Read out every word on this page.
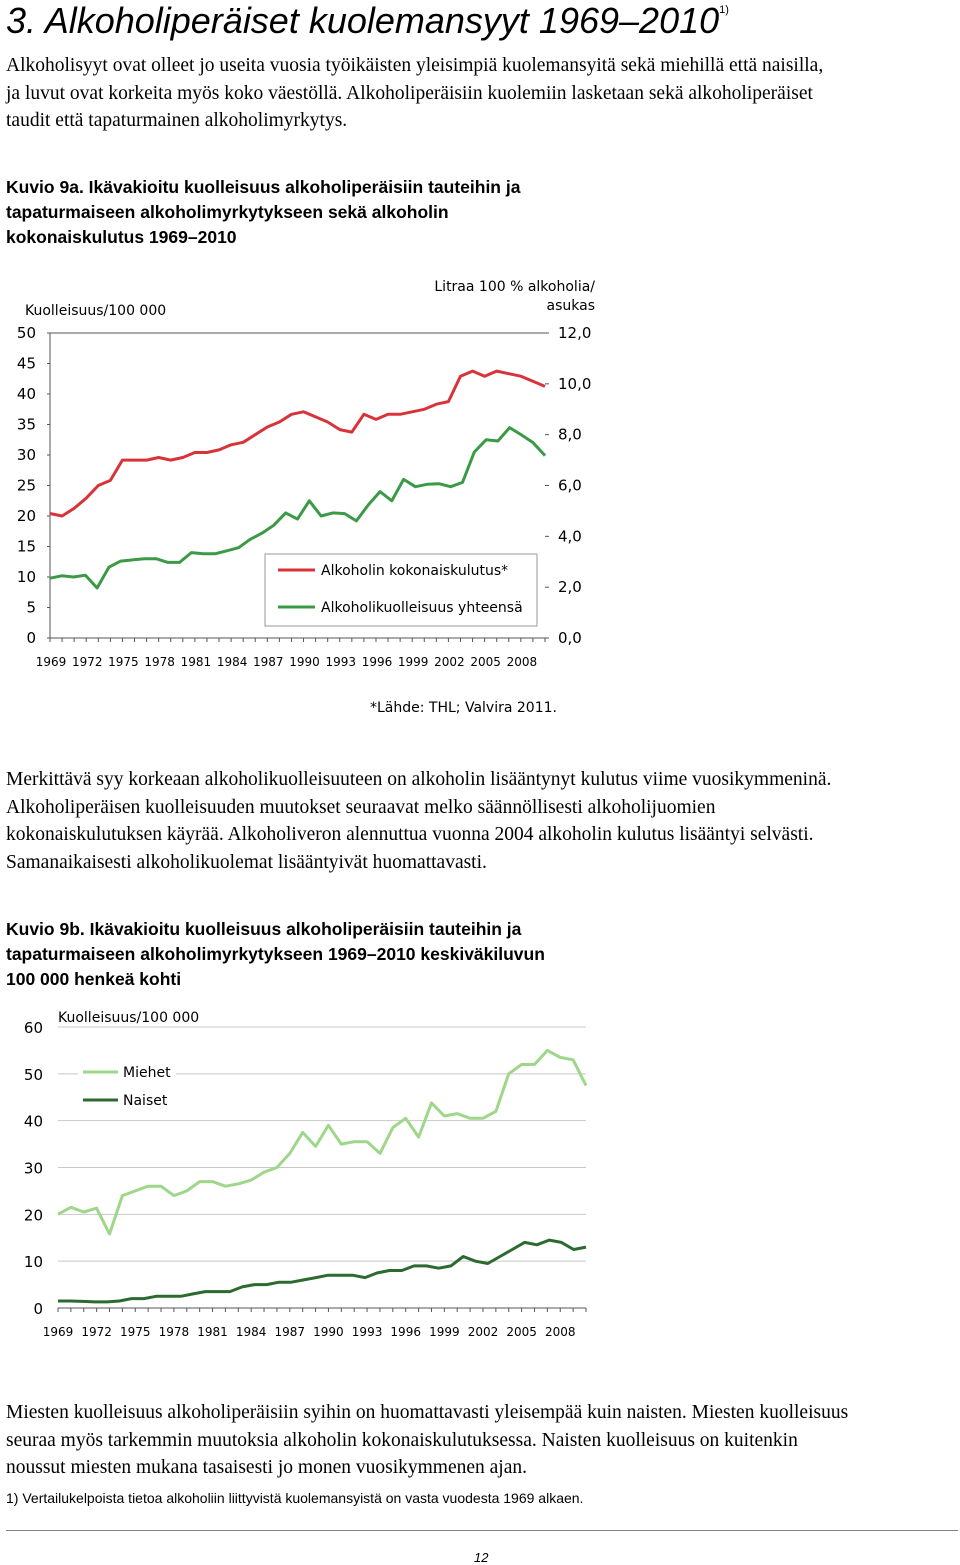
3. Alkoholiperäiset kuolemansyyt 1969–2010$^{1)}$
Alkoholisyyt ovat olleet jo useita vuosia työikäisten yleisimpiä kuolemansyitä sekä miehillä että naisilla,
ja luvut ovat korkeita myös koko väestöllä. Alkoholiperäisiin kuolemiin lasketaan sekä alkoholiperäiset
taudit että tapaturmainen alkoholimyrkytys.
Kuvio 9a. Ikävakioitu kuolleisuus alkoholiperäisiin tauteihin ja
tapaturmaiseen alkoholimyrkytykseen sekä alkoholin
kokonaiskulutus 1969–2010
Kuolleisuus/100 000
Litraa 100 % alkoholia/
asukas
0
5
10
15
20
25
30
35
40
45
50
0,0
2,0
4,0
6,0
8,0
10,0
12,0
1969 1972 1975 1978 1981 1984 1987 1990 1993 1996 1999 2002 2005 2008
Alkoholin kokonaiskulutus*
Alkoholikuolleisuus yhteensä
*Lähde: THL; Valvira 2011.
Merkittävä syy korkeaan alkoholikuolleisuuteen on alkoholin lisääntynyt kulutus viime vuosikymmeninä.
Alkoholiperäisen kuolleisuuden muutokset seuraavat melko säännöllisesti alkoholijuomien
kokonaiskulutuksen käyrää. Alkoholiveron alennuttua vuonna 2004 alkoholin kulutus lisääntyi selvästi.
Samanaikaisesti alkoholikuolemat lisääntyivät huomattavasti.
Kuvio 9b. Ikävakioitu kuolleisuus alkoholiperäisiin tauteihin ja
tapaturmaiseen alkoholimyrkytykseen 1969–2010 keskiväkiluvun
100 000 henkeä kohti
Kuolleisuus/100 000
0
10
20
30
40
50
60
1969 1972 1975 1978 1981 1984 1987 1990 1993 1996 1999 2002 2005 2008
Miehet
Naiset
Miesten kuolleisuus alkoholiperäisiin syihin on huomattavasti yleisempää kuin naisten. Miesten kuolleisuus
seuraa myös tarkemmin muutoksia alkoholin kokonaiskulutuksessa. Naisten kuolleisuus on kuitenkin
noussut miesten mukana tasaisesti jo monen vuosikymmenen ajan.
1) Vertailukelpoista tietoa alkoholiin liittyvistä kuolemansyistä on vasta vuodesta 1969 alkaen.
12
